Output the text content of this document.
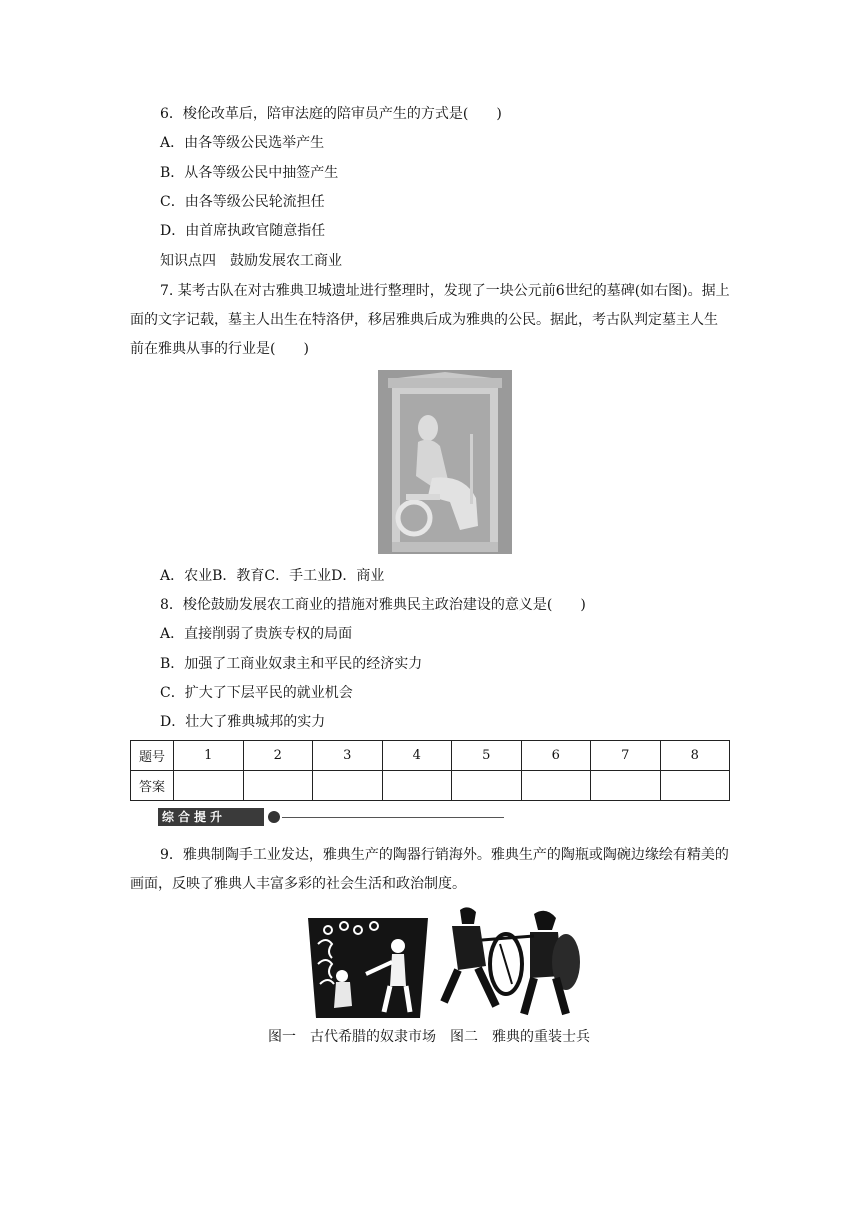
6．梭伦改革后，陪审法庭的陪审员产生的方式是(　　)
A．由各等级公民选举产生
B．从各等级公民中抽签产生
C．由各等级公民轮流担任
D．由首席执政官随意指任
知识点四　鼓励发展农工商业
7. 某考古队在对古雅典卫城遗址进行整理时，发现了一块公元前6世纪的墓碑(如右图)。据上面的文字记载，墓主人出生在特洛伊，移居雅典后成为雅典的公民。据此，考古队判定墓主人生前在雅典从事的行业是(　　)
A．农业B．教育C．手工业D．商业
8．梭伦鼓励发展农工商业的措施对雅典民主政治建设的意义是(　　)
A．直接削弱了贵族专权的局面
B．加强了工商业奴隶主和平民的经济实力
C．扩大了下层平民的就业机会
D．壮大了雅典城邦的实力
题号	1	2	3	4	5	6	7	8
答案								
综合提升
9．雅典制陶手工业发达，雅典生产的陶器行销海外。雅典生产的陶瓶或陶碗边缘绘有精美的画面，反映了雅典人丰富多彩的社会生活和政治制度。
图一　古代希腊的奴隶市场　图二　雅典的重装士兵
